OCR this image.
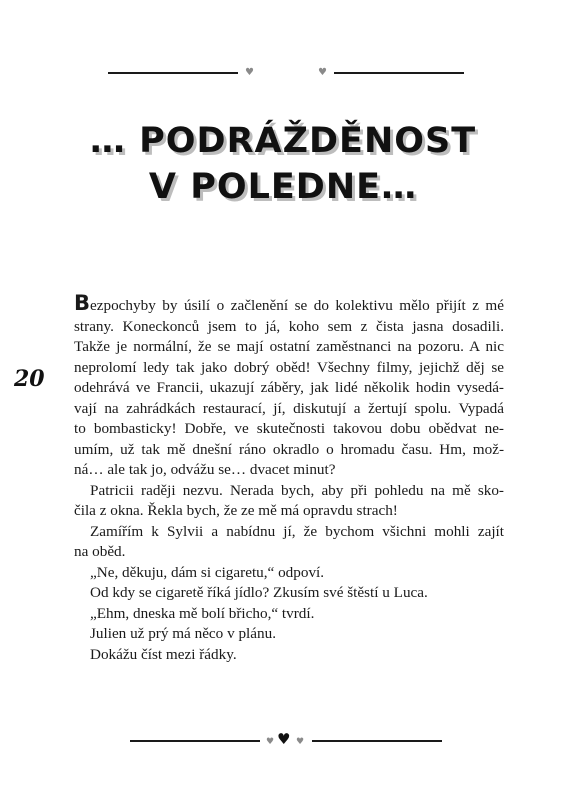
♥	♥
… PODRÁŽDĚNOST
V POLEDNE…
20
Bezpochyby by úsilí o začlenění se do kolektivu mělo přijít z mé
strany. Koneckonců jsem to já, koho sem z čista jasna dosadili.
Takže je normální, že se mají ostatní zaměstnanci na pozoru. A nic
neprolomí ledy tak jako dobrý oběd! Všechny filmy, jejichž děj se
odehrává ve Francii, ukazují záběry, jak lidé několik hodin vysedá-
vají na zahrádkách restaurací, jí, diskutují a žertují spolu. Vypadá
to bombasticky! Dobře, ve skutečnosti takovou dobu obědvat ne-
umím, už tak mě dnešní ráno okradlo o hromadu času. Hm, mož-
ná… ale tak jo, odvážu se… dvacet minut?
Patricii raději nezvu. Nerada bych, aby při pohledu na mě sko-
čila z okna. Řekla bych, že ze mě má opravdu strach!
Zamířím k Sylvii a nabídnu jí, že bychom všichni mohli zajít
na oběd.
„Ne, děkuju, dám si cigaretu,“ odpoví.
Od kdy se cigaretě říká jídlo? Zkusím své štěstí u Luca.
„Ehm, dneska mě bolí břicho,“ tvrdí.
Julien už prý má něco v plánu.
Dokážu číst mezi řádky.
♥ ♥ ♥
